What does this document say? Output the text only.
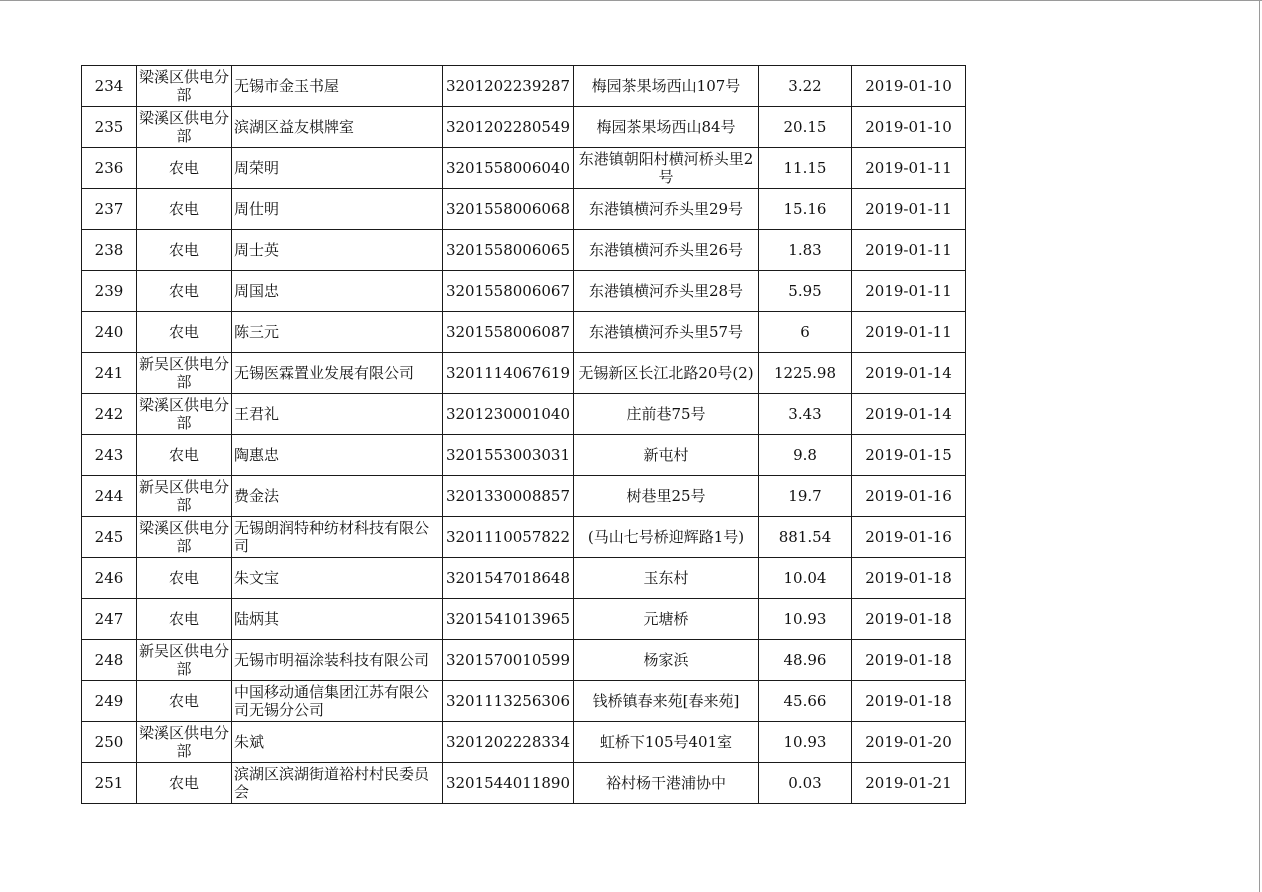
234	梁溪区供电分部	无锡市金玉书屋	3201202239287	梅园茶果场西山107号	3.22	2019-01-10
235	梁溪区供电分部	滨湖区益友棋牌室	3201202280549	梅园茶果场西山84号	20.15	2019-01-10
236	农电	周荣明	3201558006040	东港镇朝阳村横河桥头里2号	11.15	2019-01-11
237	农电	周仕明	3201558006068	东港镇横河乔头里29号	15.16	2019-01-11
238	农电	周士英	3201558006065	东港镇横河乔头里26号	1.83	2019-01-11
239	农电	周国忠	3201558006067	东港镇横河乔头里28号	5.95	2019-01-11
240	农电	陈三元	3201558006087	东港镇横河乔头里57号	6	2019-01-11
241	新吴区供电分部	无锡医霖置业发展有限公司	3201114067619	无锡新区长江北路20号(2)	1225.98	2019-01-14
242	梁溪区供电分部	王君礼	3201230001040	庄前巷75号	3.43	2019-01-14
243	农电	陶惠忠	3201553003031	新屯村	9.8	2019-01-15
244	新吴区供电分部	费金法	3201330008857	树巷里25号	19.7	2019-01-16
245	梁溪区供电分部	无锡朗润特种纺材科技有限公司	3201110057822	(马山七号桥迎辉路1号)	881.54	2019-01-16
246	农电	朱文宝	3201547018648	玉东村	10.04	2019-01-18
247	农电	陆炳其	3201541013965	元塘桥	10.93	2019-01-18
248	新吴区供电分部	无锡市明福涂装科技有限公司	3201570010599	杨家浜	48.96	2019-01-18
249	农电	中国移动通信集团江苏有限公司无锡分公司	3201113256306	钱桥镇春来苑[春来苑]	45.66	2019-01-18
250	梁溪区供电分部	朱斌	3201202228334	虹桥下105号401室	10.93	2019-01-20
251	农电	滨湖区滨湖街道裕村村民委员会	3201544011890	裕村杨干港浦协中	0.03	2019-01-21
